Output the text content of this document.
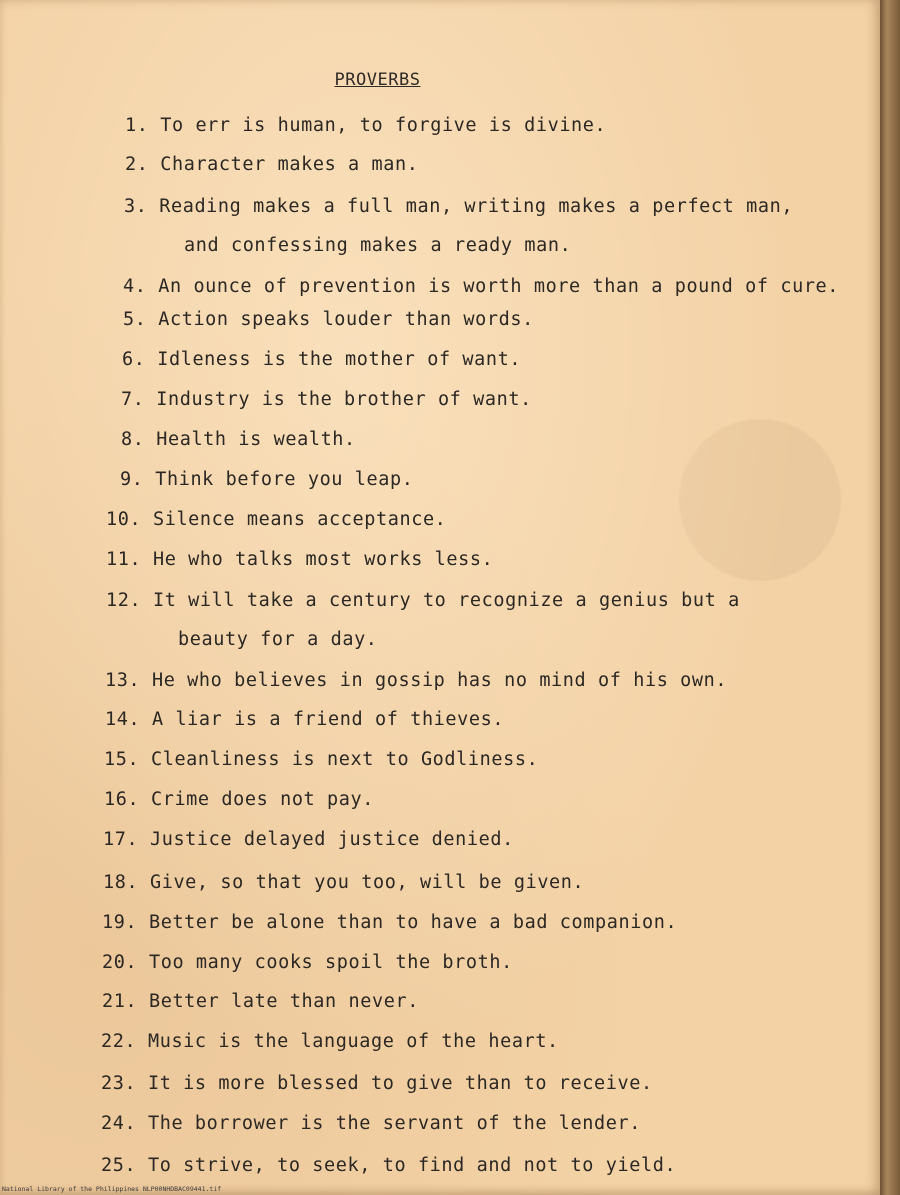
PROVERBS
1. To err is human, to forgive is divine.
2. Character makes a man.
3. Reading makes a full man, writing makes a perfect man,
and confessing makes a ready man.
4. An ounce of prevention is worth more than a pound of cure.
5. Action speaks louder than words.
6. Idleness is the mother of want.
7. Industry is the brother of want.
8. Health is wealth.
9. Think before you leap.
10. Silence means acceptance.
11. He who talks most works less.
12. It will take a century to recognize a genius but a
beauty for a day.
13. He who believes in gossip has no mind of his own.
14. A liar is a friend of thieves.
15. Cleanliness is next to Godliness.
16. Crime does not pay.
17. Justice delayed justice denied.
18. Give, so that you too, will be given.
19. Better be alone than to have a bad companion.
20. Too many cooks spoil the broth.
21. Better late than never.
22. Music is the language of the heart.
23. It is more blessed to give than to receive.
24. The borrower is the servant of the lender.
25. To strive, to seek, to find and not to yield.
National Library of the Philippines NLP00NHDBAC09441.tif
